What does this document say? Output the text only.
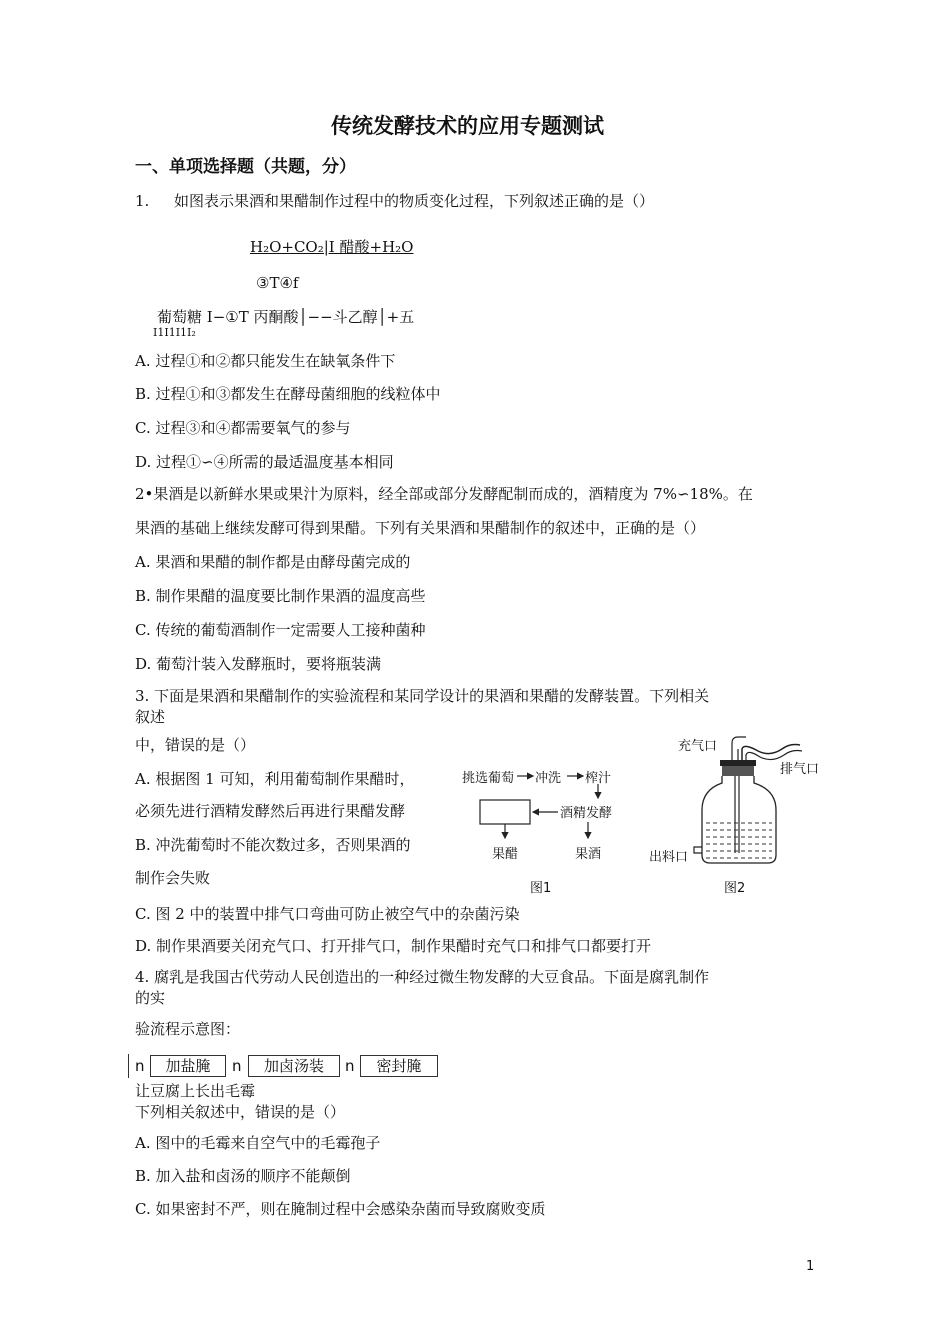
传统发酵技术的应用专题测试
一、单项选择题（共题，分）
1. 如图表示果酒和果醋制作过程中的物质变化过程，下列叙述正确的是（）
H₂O+CO₂|I 醋酸+H₂O
③T④f
葡萄糖 I−①T 丙酮酸│−−斗乙醇│+五
I1I1I1I₂
A. 过程①和②都只能发生在缺氧条件下
B. 过程①和③都发生在酵母菌细胞的线粒体中
C. 过程③和④都需要氧气的参与
D. 过程①∽④所需的最适温度基本相同
2•果酒是以新鲜水果或果汁为原料，经全部或部分发酵配制而成的，酒精度为 7%∽18%。在
果酒的基础上继续发酵可得到果醋。下列有关果酒和果醋制作的叙述中，正确的是（）
A. 果酒和果醋的制作都是由酵母菌完成的
B. 制作果醋的温度要比制作果酒的温度高些
C. 传统的葡萄酒制作一定需要人工接种菌种
D. 葡萄汁装入发酵瓶时，要将瓶装满
3. 下面是果酒和果醋制作的实验流程和某同学设计的果酒和果醋的发酵装置。下列相关
叙述
中，错误的是（）
A. 根据图 1 可知，利用葡萄制作果醋时，
必须先进行酒精发酵然后再进行果醋发酵
B. 冲洗葡萄时不能次数过多，否则果酒的
制作会失败
C. 图 2 中的装置中排气口弯曲可防止被空气中的杂菌污染
D. 制作果酒要关闭充气口、打开排气口，制作果醋时充气口和排气口都要打开
挑选葡萄 冲洗 榨汁
酒精发酵
果醋	果酒
图1
充气口
排气口
出料口
图2
4. 腐乳是我国古代劳动人民创造出的一种经过微生物发酵的大豆食品。下面是腐乳制作
的实
验流程示意图：
n	加盐腌	n	加卤汤装	n	密封腌
让豆腐上长出毛霉
下列相关叙述中，错误的是（）
A. 图中的毛霉来自空气中的毛霉孢子
B. 加入盐和卤汤的顺序不能颠倒
C. 如果密封不严，则在腌制过程中会感染杂菌而导致腐败变质
1
